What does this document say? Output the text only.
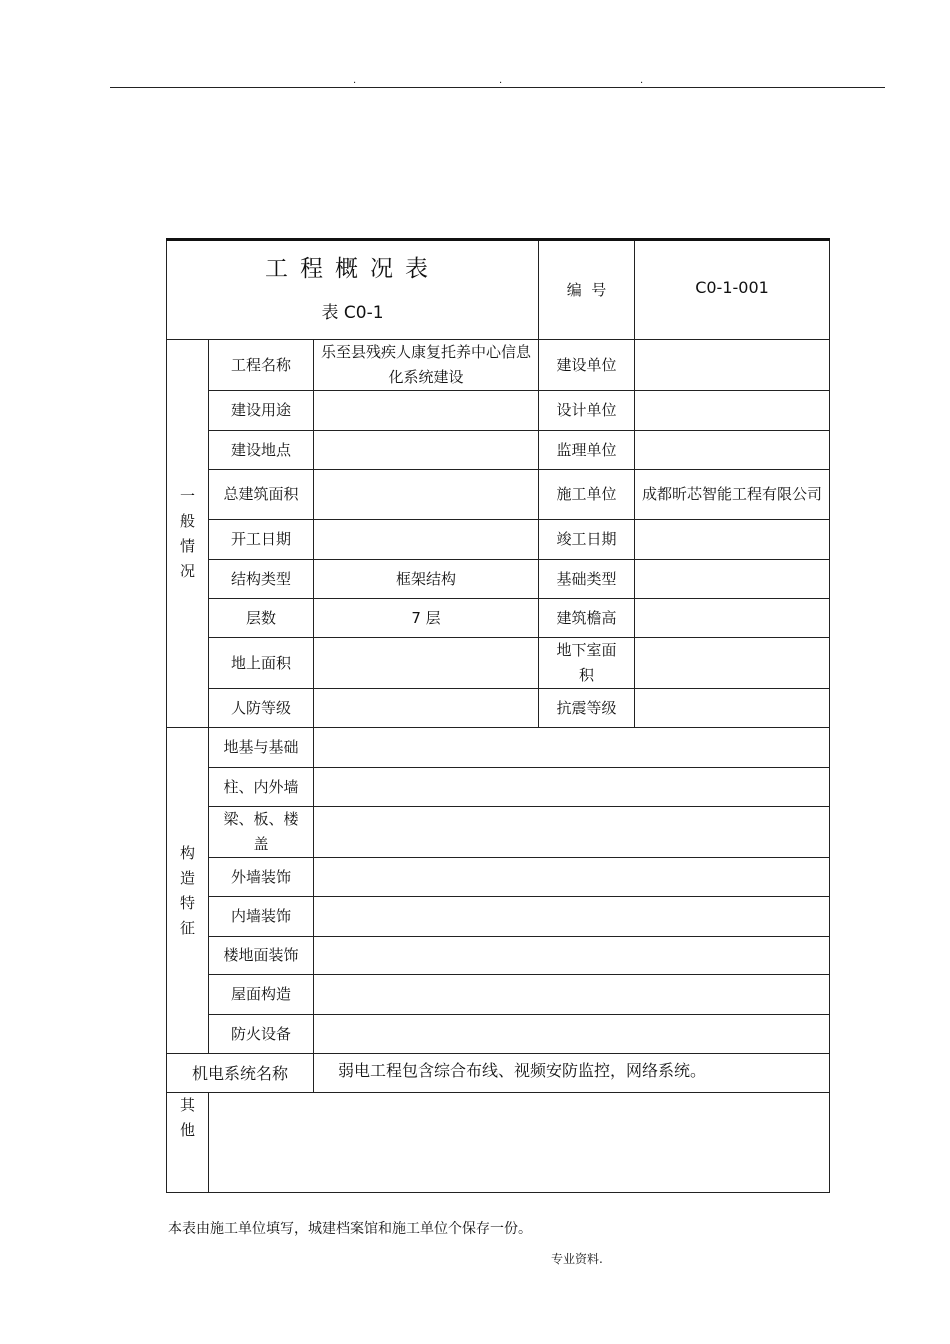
.	.	.
工程概况表
表 C0-1			编  号	C0-1-001

一
般
情
况	工程名称	乐至县残疾人康复托养中心信息化系统建设	建设单位	
	建设用途		设计单位	
	建设地点		监理单位	
	总建筑面积		施工单位	成都昕芯智能工程有限公司
	开工日期		竣工日期	
	结构类型	框架结构	基础类型	
	层数	7 层	建筑檐高	
	地上面积		地下室面积	
	人防等级		抗震等级	

构
造
特
征	地基与基础			
	柱、内外墙			
	梁、板、楼盖			
	外墙装饰			
	内墙装饰			
	楼地面装饰			
	屋面构造			
	防火设备			
机电系统名称		弱电工程包含综合布线、视频安防监控，网络系统。		

其
他				

本表由施工单位填写，城建档案馆和施工单位个保存一份。
专业资料.
